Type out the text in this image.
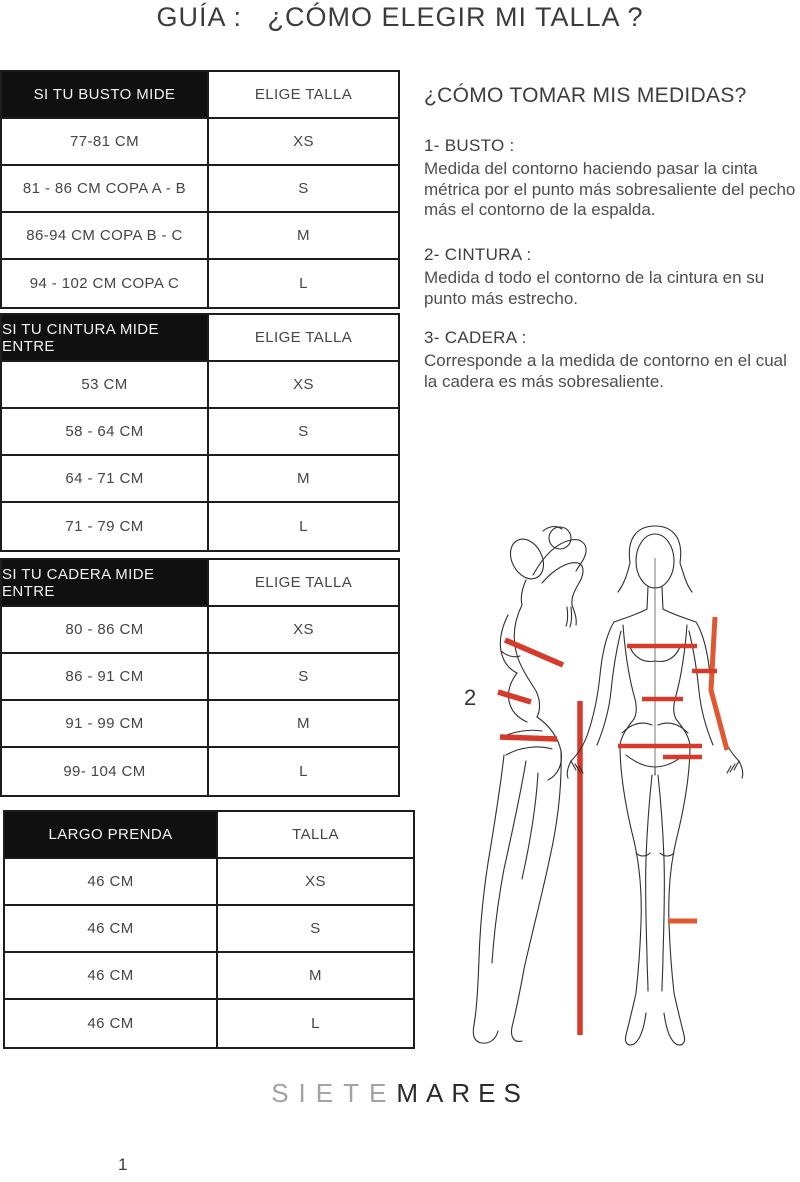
GUÍA :   ¿CÓMO ELEGIR MI TALLA ?
SI TU BUSTO MIDE	ELIGE TALLA
77-81 CM	XS
81 - 86 CM COPA A - B	S
86-94 CM COPA B - C	M
94 - 102 CM COPA C	L
SI TU CINTURA MIDE ENTRE	ELIGE TALLA
53 CM	XS
58 - 64 CM	S
64 - 71 CM	M
71 - 79 CM	L
SI TU CADERA MIDE ENTRE	ELIGE TALLA
80 - 86 CM	XS
86 - 91 CM	S
91 - 99 CM	M
99- 104 CM	L
LARGO PRENDA	TALLA
46 CM	XS
46 CM	S
46 CM	M
46 CM	L
¿CÓMO TOMAR MIS MEDIDAS?
1- BUSTO :

Medida del contorno haciendo pasar la cinta métrica por el punto más sobresaliente del pecho más el contorno de la espalda.

2- CINTURA :

Medida d todo el contorno de la cintura en su punto más estrecho.

3- CADERA :

Corresponde a la medida de contorno en el cual la cadera es más sobresaliente.

2
SIETEMARES
1
